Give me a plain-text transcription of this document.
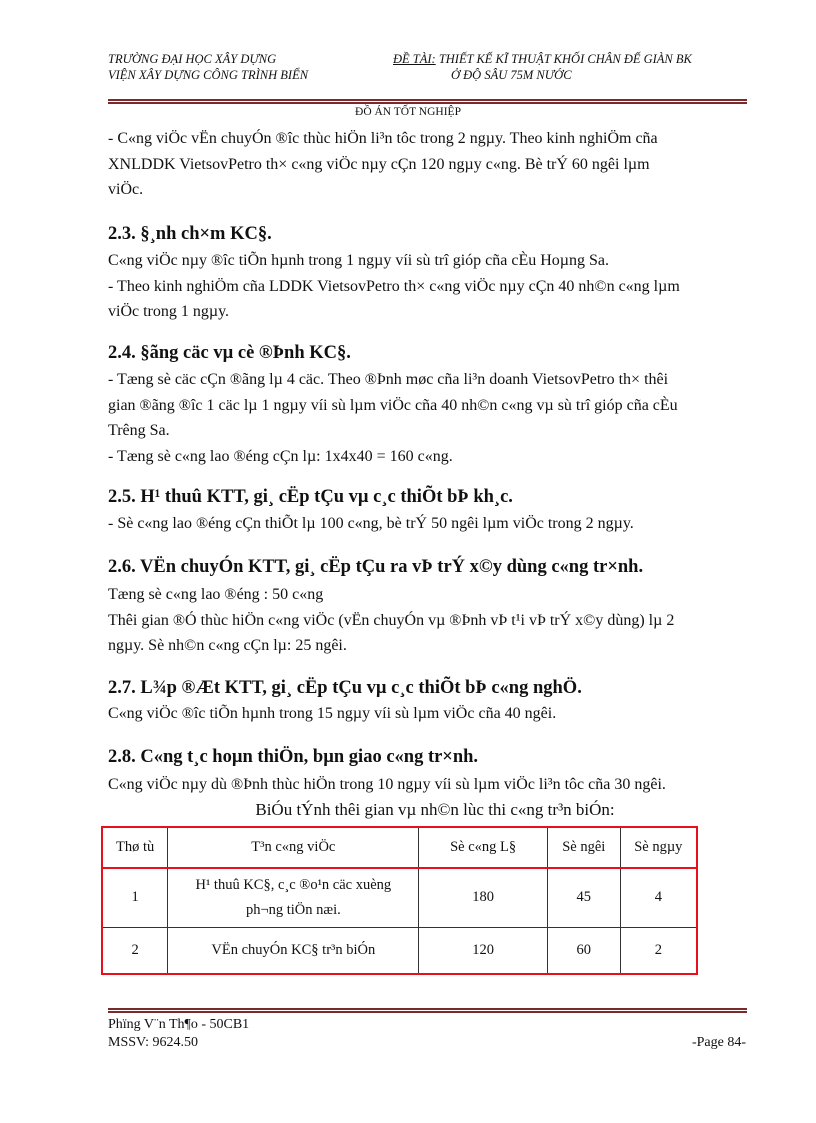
TRƯỜNG ĐẠI HỌC XÂY DỰNG
VIỆN XÂY DỰNG CÔNG TRÌNH BIỂN
ĐỀ TÀI: THIẾT KẾ KĨ THUẬT KHỐI CHÂN ĐẾ GIÀN BK
Ở ĐỘ SÂU 75M NƯỚC
ĐỒ ÁN TỐT NGHIỆP
- C«ng viÖc vËn chuyÓn ®îc thùc hiÖn li³n tôc trong 2 ngµy. Theo kinh nghiÖm cña
XNLDDK VietsovPetro th× c«ng viÖc nµy cÇn 120 ngµy c«ng. Bè trÝ 60 ngêi lµm
viÖc.
2.3. §¸nh ch×m KC§.
C«ng viÖc nµy ®îc tiÕn hµnh trong 1 ngµy víi sù trî gióp cña cÈu Hoµng Sa.
- Theo kinh nghiÖm cña LDDK VietsovPetro th× c«ng viÖc nµy cÇn 40 nh©n c«ng lµm
viÖc trong 1 ngµy.
2.4. §ãng cäc vµ cè ®Þnh KC§.
- Tæng sè cäc cÇn ®ãng lµ 4 cäc. Theo ®Þnh møc cña li³n doanh VietsovPetro th× thêi
gian ®ãng ®îc 1 cäc lµ 1 ngµy víi sù lµm viÖc cña 40 nh©n c«ng vµ sù trî gióp cña cÈu
Trêng Sa.
- Tæng sè c«ng lao ®éng cÇn lµ: 1x4x40 = 160 c«ng.
2.5. H¹ thuû KTT, gi¸ cËp tÇu vµ c¸c thiÕt bÞ kh¸c.
- Sè c«ng lao ®éng cÇn thiÕt lµ 100 c«ng, bè trÝ 50 ngêi lµm viÖc trong 2 ngµy.
2.6. VËn chuyÓn KTT, gi¸ cËp tÇu ra vÞ trÝ x©y dùng c«ng tr×nh.
Tæng sè c«ng lao ®éng : 50 c«ng
Thêi gian ®Ó thùc hiÖn c«ng viÖc (vËn chuyÓn vµ ®Þnh vÞ t¹i vÞ trÝ x©y dùng) lµ 2
ngµy. Sè nh©n c«ng cÇn lµ: 25 ngêi.
2.7. L¾p ®Æt KTT, gi¸ cËp tÇu vµ c¸c thiÕt bÞ c«ng nghÖ.
C«ng viÖc ®îc tiÕn hµnh trong 15 ngµy víi sù lµm viÖc cña 40 ngêi.
2.8. C«ng t¸c hoµn thiÖn, bµn giao c«ng tr×nh.
C«ng viÖc nµy dù ®Þnh thùc hiÖn trong 10 ngµy víi sù lµm viÖc li³n tôc cña 30 ngêi.
BiÓu tÝnh thêi gian vµ nh©n lùc thi c«ng tr³n biÓn:
Thø tù	T³n c«ng viÖc	Sè c«ng L§	Sè ngêi	Sè ngµy
1	H¹ thuû KC§, c¸c ®o¹n cäc xuèng
ph¬ng tiÖn næi.	180	45	4
2	VËn chuyÓn KC§ tr³n biÓn	120	60	2
Phïng V¨n Th¶o - 50CB1
MSSV: 9624.50	-Page 84-
